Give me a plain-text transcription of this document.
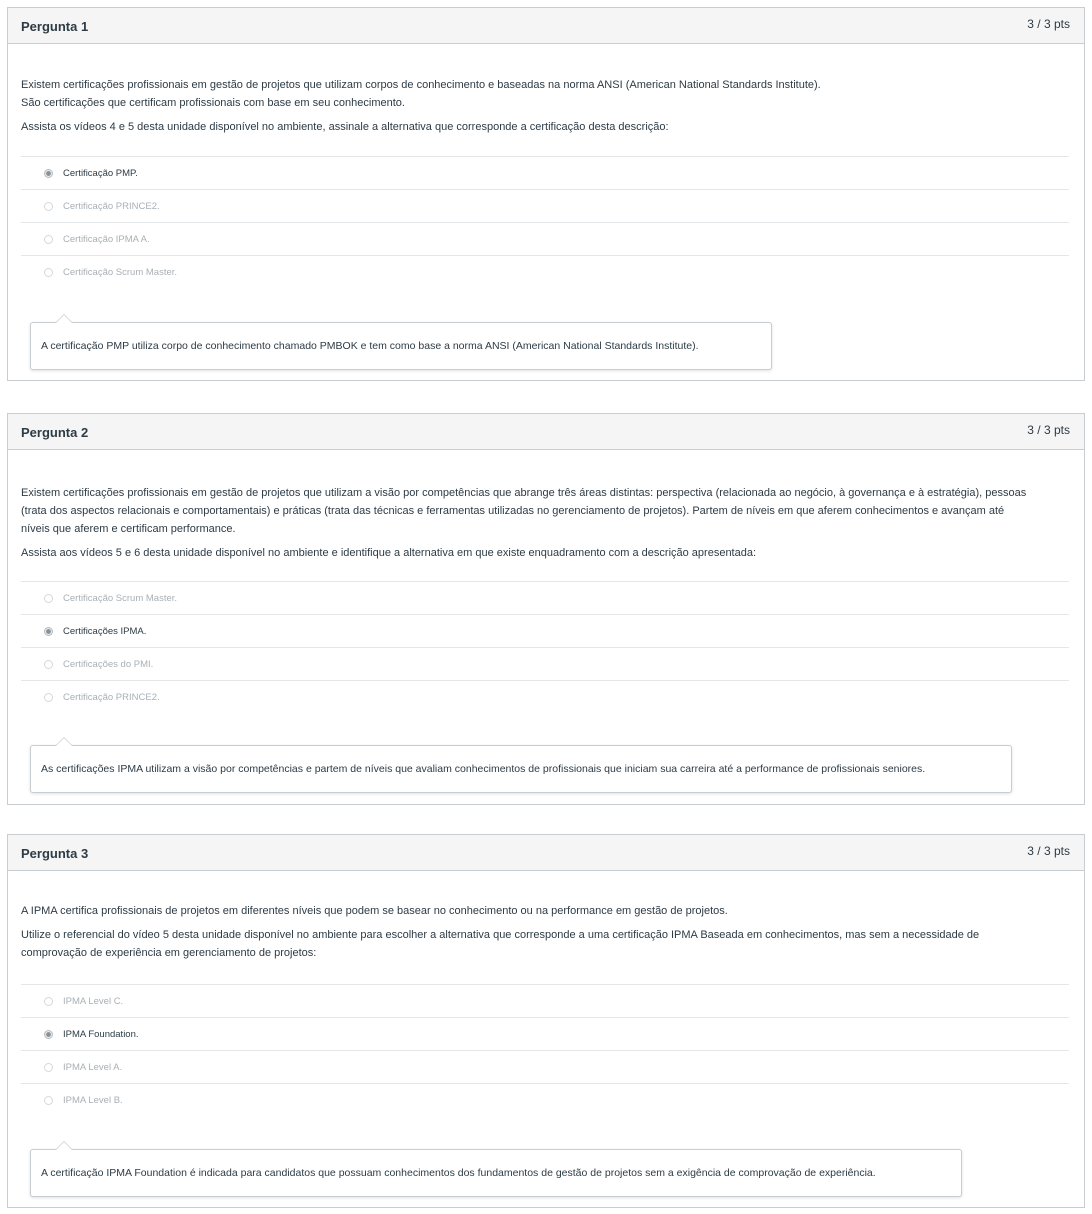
Pergunta 1	3 / 3 pts

Existem certificações profissionais em gestão de projetos que utilizam corpos de conhecimento e baseadas na norma ANSI (American National Standards Institute).

São certificações que certificam profissionais com base em seu conhecimento.

Assista os vídeos 4 e 5 desta unidade disponível no ambiente, assinale a alternativa que corresponde a certificação desta descrição:

Certificação PMP.
Certificação PRINCE2.
Certificação IPMA A.
Certificação Scrum Master.
A certificação PMP utiliza corpo de conhecimento chamado PMBOK e tem como base a norma ANSI (American National Standards Institute).
Pergunta 2	3 / 3 pts

Existem certificações profissionais em gestão de projetos que utilizam a visão por competências que abrange três áreas distintas: perspectiva (relacionada ao negócio, à governança e à estratégia), pessoas

(trata dos aspectos relacionais e comportamentais) e práticas (trata das técnicas e ferramentas utilizadas no gerenciamento de projetos). Partem de níveis em que aferem conhecimentos e avançam até

níveis que aferem e certificam performance.

Assista aos vídeos 5 e 6 desta unidade disponível no ambiente e identifique a alternativa em que existe enquadramento com a descrição apresentada:

Certificação Scrum Master.
Certificações IPMA.
Certificações do PMI.
Certificação PRINCE2.
As certificações IPMA utilizam a visão por competências e partem de níveis que avaliam conhecimentos de profissionais que iniciam sua carreira até a performance de profissionais seniores.
Pergunta 3	3 / 3 pts

A IPMA certifica profissionais de projetos em diferentes níveis que podem se basear no conhecimento ou na performance em gestão de projetos.

Utilize o referencial do vídeo 5 desta unidade disponível no ambiente para escolher a alternativa que corresponde a uma certificação IPMA Baseada em conhecimentos, mas sem a necessidade de

comprovação de experiência em gerenciamento de projetos:

IPMA Level C.
IPMA Foundation.
IPMA Level A.
IPMA Level B.
A certificação IPMA Foundation é indicada para candidatos que possuam conhecimentos dos fundamentos de gestão de projetos sem a exigência de comprovação de experiência.
